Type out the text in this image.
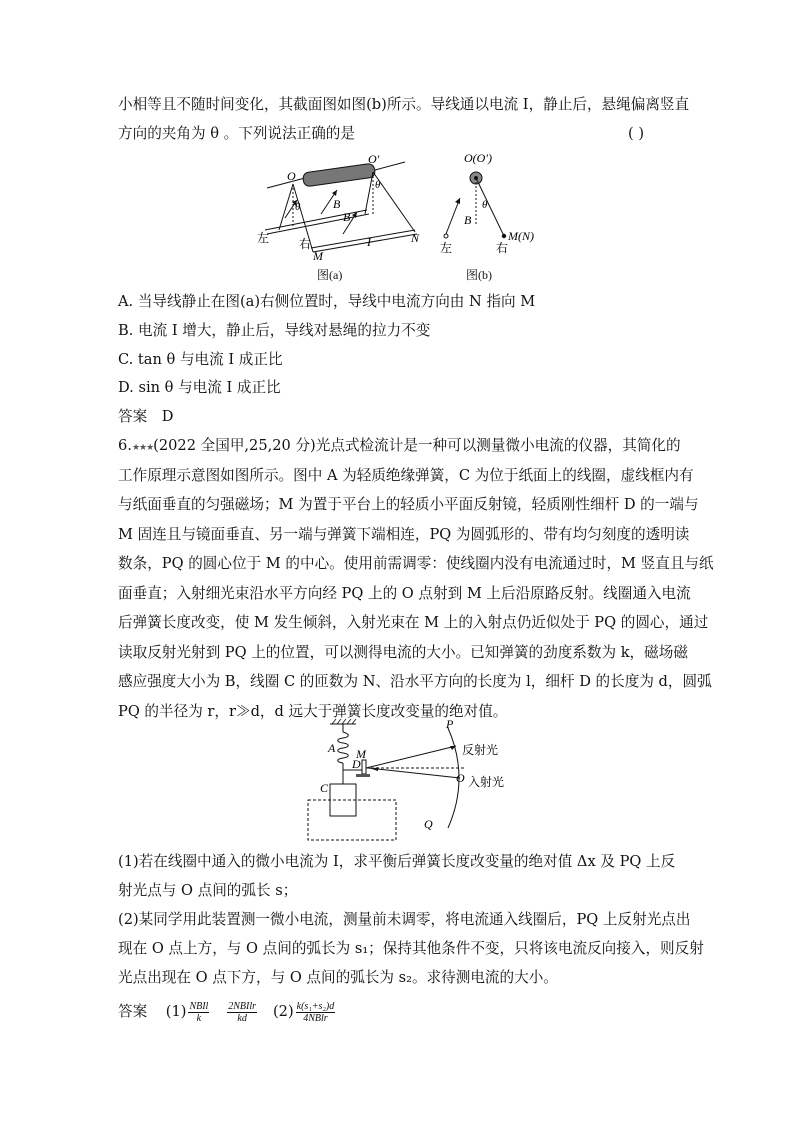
小相等且不随时间变化，其截面图如图(b)所示。导线通以电流 I，静止后，悬绳偏离竖直
方向的夹角为 θ 。下列说法正确的是	( )
O
O′
θ
θ
B
B
左 右
M
I	N
图(a)
O(O′)
θ
B
左	右
M(N)
图(b)
A. 当导线静止在图(a)右侧位置时，导线中电流方向由 N 指向 M
B. 电流 I 增大，静止后，导线对悬绳的拉力不变
C. tan θ 与电流 I 成正比
D. sin θ 与电流 I 成正比
答案　D
6.★★★(2022 全国甲,25,20 分)光点式检流计是一种可以测量微小电流的仪器，其简化的
工作原理示意图如图所示。图中 A 为轻质绝缘弹簧，C 为位于纸面上的线圈，虚线框内有
与纸面垂直的匀强磁场；M 为置于平台上的轻质小平面反射镜，轻质刚性细杆 D 的一端与
M 固连且与镜面垂直、另一端与弹簧下端相连，PQ 为圆弧形的、带有均匀刻度的透明读
数条，PQ 的圆心位于 M 的中心。使用前需调零：使线圈内没有电流通过时，M 竖直且与纸
面垂直；入射细光束沿水平方向经 PQ 上的 O 点射到 M 上后沿原路反射。线圈通入电流
后弹簧长度改变，使 M 发生倾斜，入射光束在 M 上的入射点仍近似处于 PQ 的圆心，通过
读取反射光射到 PQ 上的位置，可以测得电流的大小。已知弹簧的劲度系数为 k，磁场磁
感应强度大小为 B，线圈 C 的匝数为 N、沿水平方向的长度为 l，细杆 D 的长度为 d，圆弧
PQ 的半径为 r，r≫d，d 远大于弹簧长度改变量的绝对值。
A
D
M
C
P
O
Q
反射光
入射光
(1)若在线圈中通入的微小电流为 I，求平衡后弹簧长度改变量的绝对值 Δx 及 PQ 上反
射光点与 O 点间的弧长 s；
(2)某同学用此装置测一微小电流，测量前未调零，将电流通入线圈后，PQ 上反射光点出
现在 O 点上方，与 O 点间的弧长为 s₁；保持其他条件不变，只将该电流反向接入，则反射
光点出现在 O 点下方，与 O 点间的弧长为 s₂。求待测电流的大小。
答案 $(1) \frac{\text{NBIl}}{k}$
$\frac{\text{2NBIlr}}{kd} (2) \frac{\text{k(s₁+s₂)d}}{\text{4NBlr}}$
